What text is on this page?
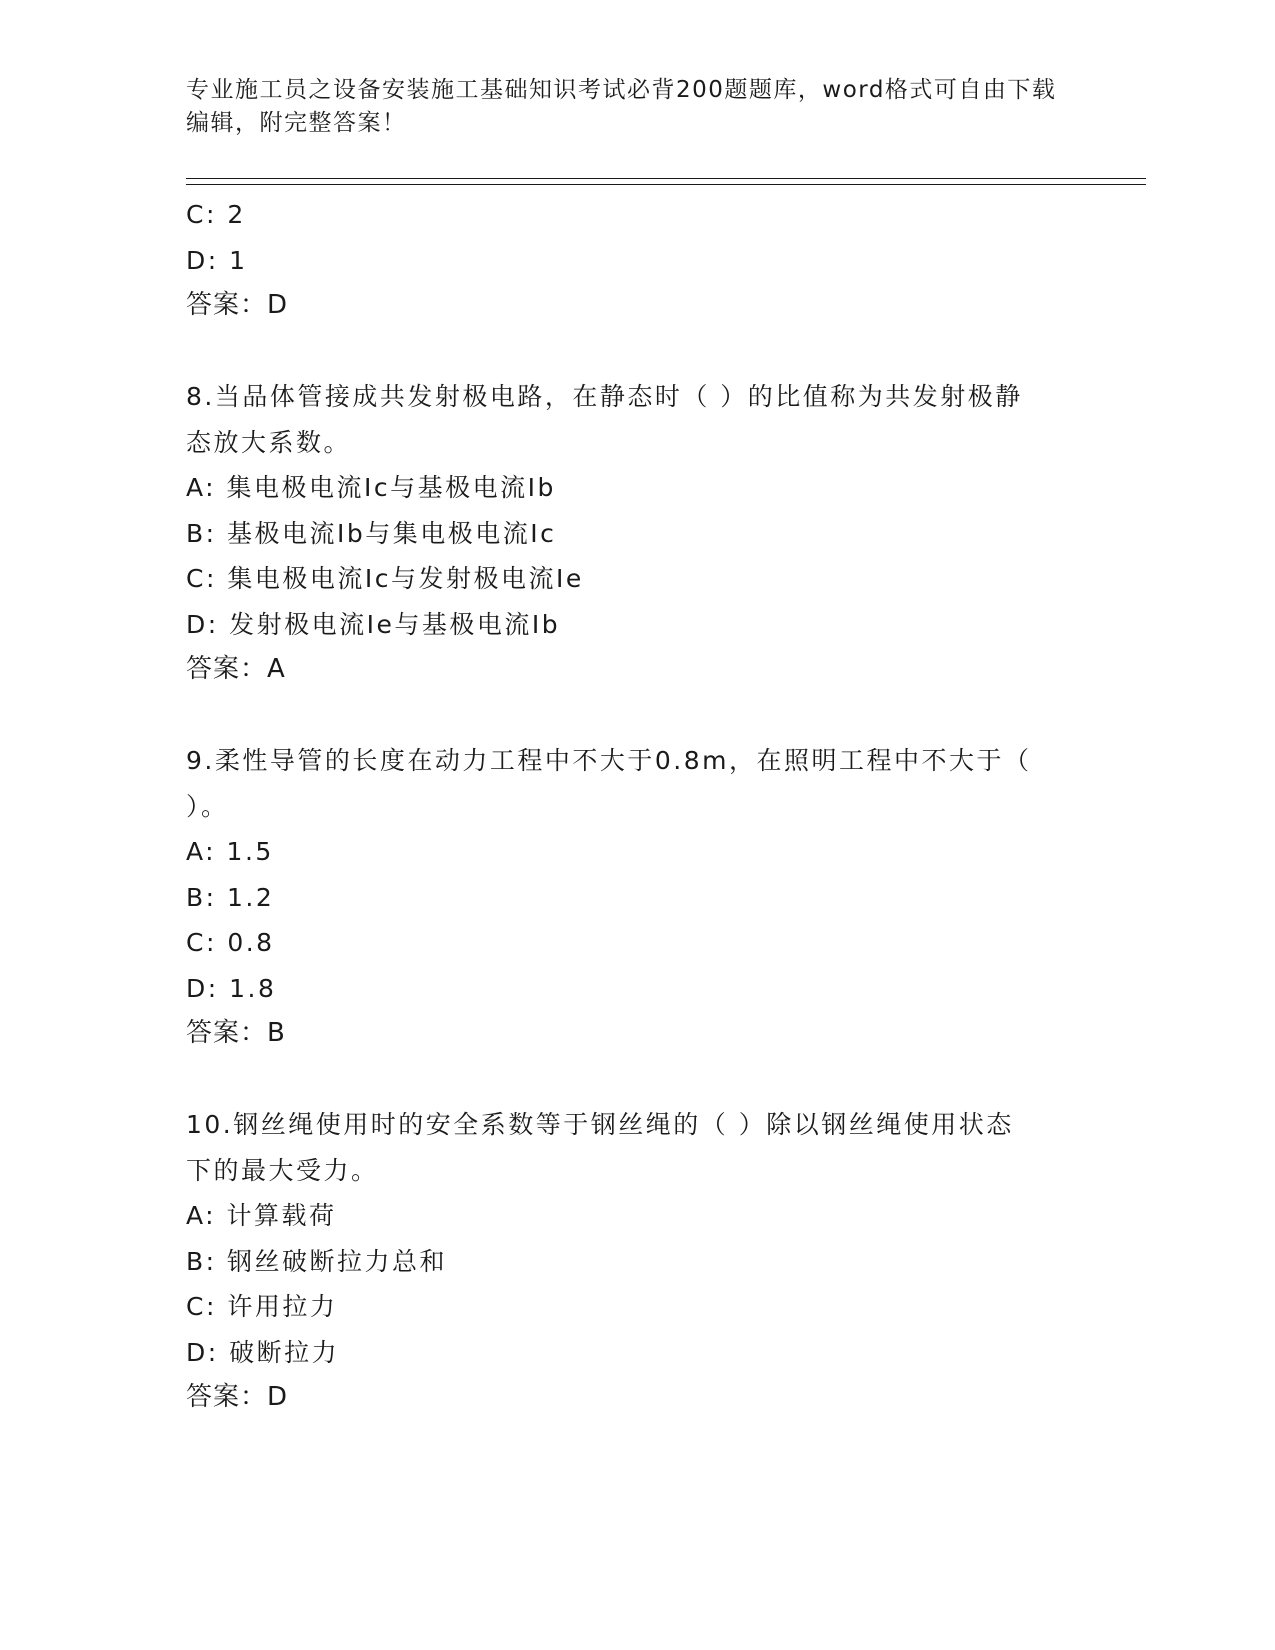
专业施工员之设备安装施工基础知识考试必背200题题库，word格式可自由下载
编辑，附完整答案！
C: 2
D: 1
答案：D
8.当品体管接成共发射极电路，在静态时（ ）的比值称为共发射极静
态放大系数。
A: 集电极电流Ic与基极电流Ib
B: 基极电流Ib与集电极电流Ic
C: 集电极电流Ic与发射极电流Ie
D: 发射极电流Ie与基极电流Ib
答案：A
9.柔性导管的长度在动力工程中不大于0.8m，在照明工程中不大于（
）。
A: 1.5
B: 1.2
C: 0.8
D: 1.8
答案：B
10.钢丝绳使用时的安全系数等于钢丝绳的（ ）除以钢丝绳使用状态
下的最大受力。
A: 计算载荷
B: 钢丝破断拉力总和
C: 许用拉力
D: 破断拉力
答案：D
